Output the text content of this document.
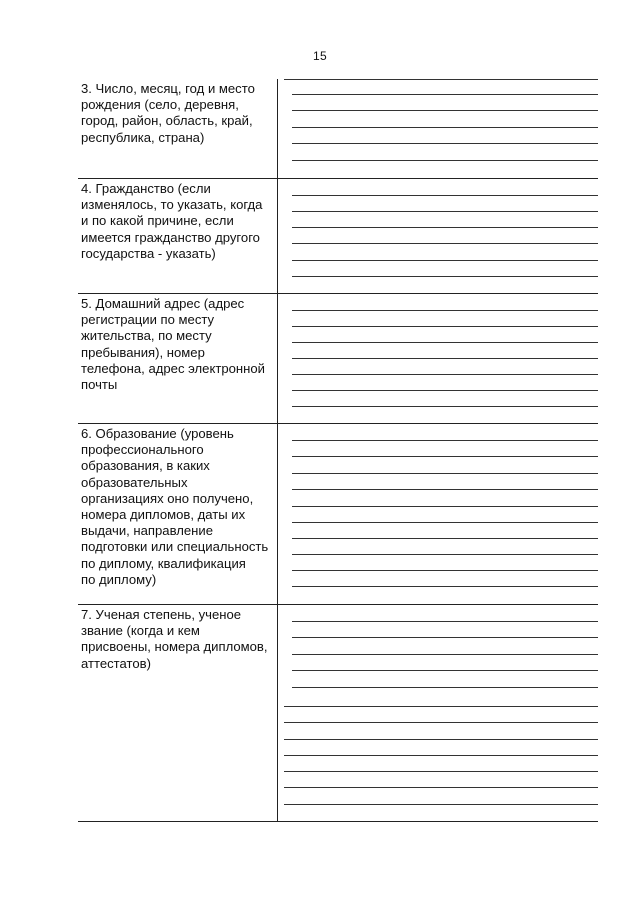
15
3. Число, месяц, год и место
рождения (село, деревня,
город, район, область, край,
республика, страна)
4. Гражданство (если
изменялось, то указать, когда
и по какой причине, если
имеется гражданство другого
государства - указать)
5. Домашний адрес (адрес
регистрации по месту
жительства, по месту
пребывания), номер
телефона, адрес электронной
почты
6. Образование (уровень
профессионального
образования, в каких
образовательных
организациях оно получено,
номера дипломов, даты их
выдачи, направление
подготовки или специальность
по диплому, квалификация
по диплому)
7. Ученая степень, ученое
звание (когда и кем
присвоены, номера дипломов,
аттестатов)
